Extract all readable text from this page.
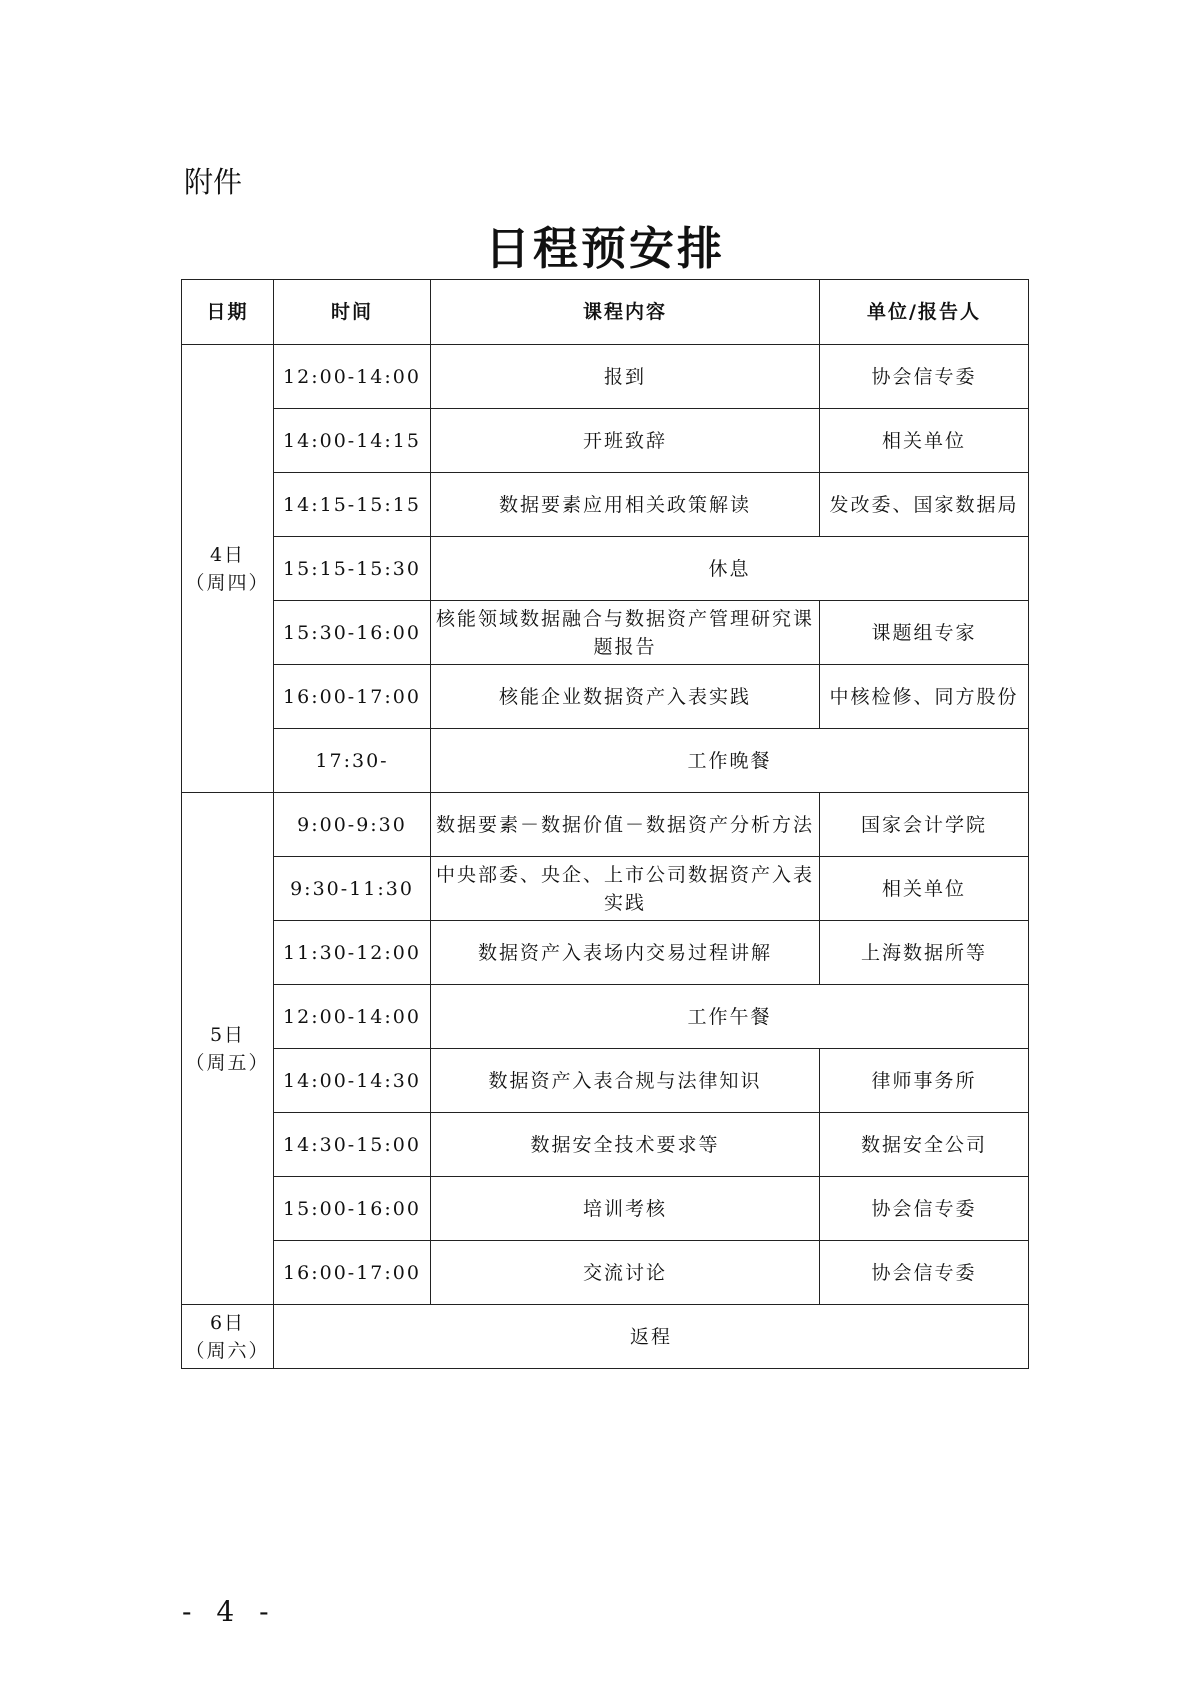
附件
日程预安排
日期	时间	课程内容	单位/报告人
4日
（周四）	12:00-14:00	报到	协会信专委
	14:00-14:15	开班致辞	相关单位
	14:15-15:15	数据要素应用相关政策解读	发改委、国家数据局
	15:15-15:30	休息	
	15:30-16:00	核能领域数据融合与数据资产管理研究课题报告	课题组专家
	16:00-17:00	核能企业数据资产入表实践	中核检修、同方股份
	17:30-	工作晚餐	
5日
（周五）	9:00-9:30	数据要素－数据价值－数据资产分析方法	国家会计学院
	9:30-11:30	中央部委、央企、上市公司数据资产入表实践	相关单位
	11:30-12:00	数据资产入表场内交易过程讲解	上海数据所等
	12:00-14:00	工作午餐	
	14:00-14:30	数据资产入表合规与法律知识	律师事务所
	14:30-15:00	数据安全技术要求等	数据安全公司
	15:00-16:00	培训考核	协会信专委
	16:00-17:00	交流讨论	协会信专委
6日
（周六）	返程		
- 4 -
